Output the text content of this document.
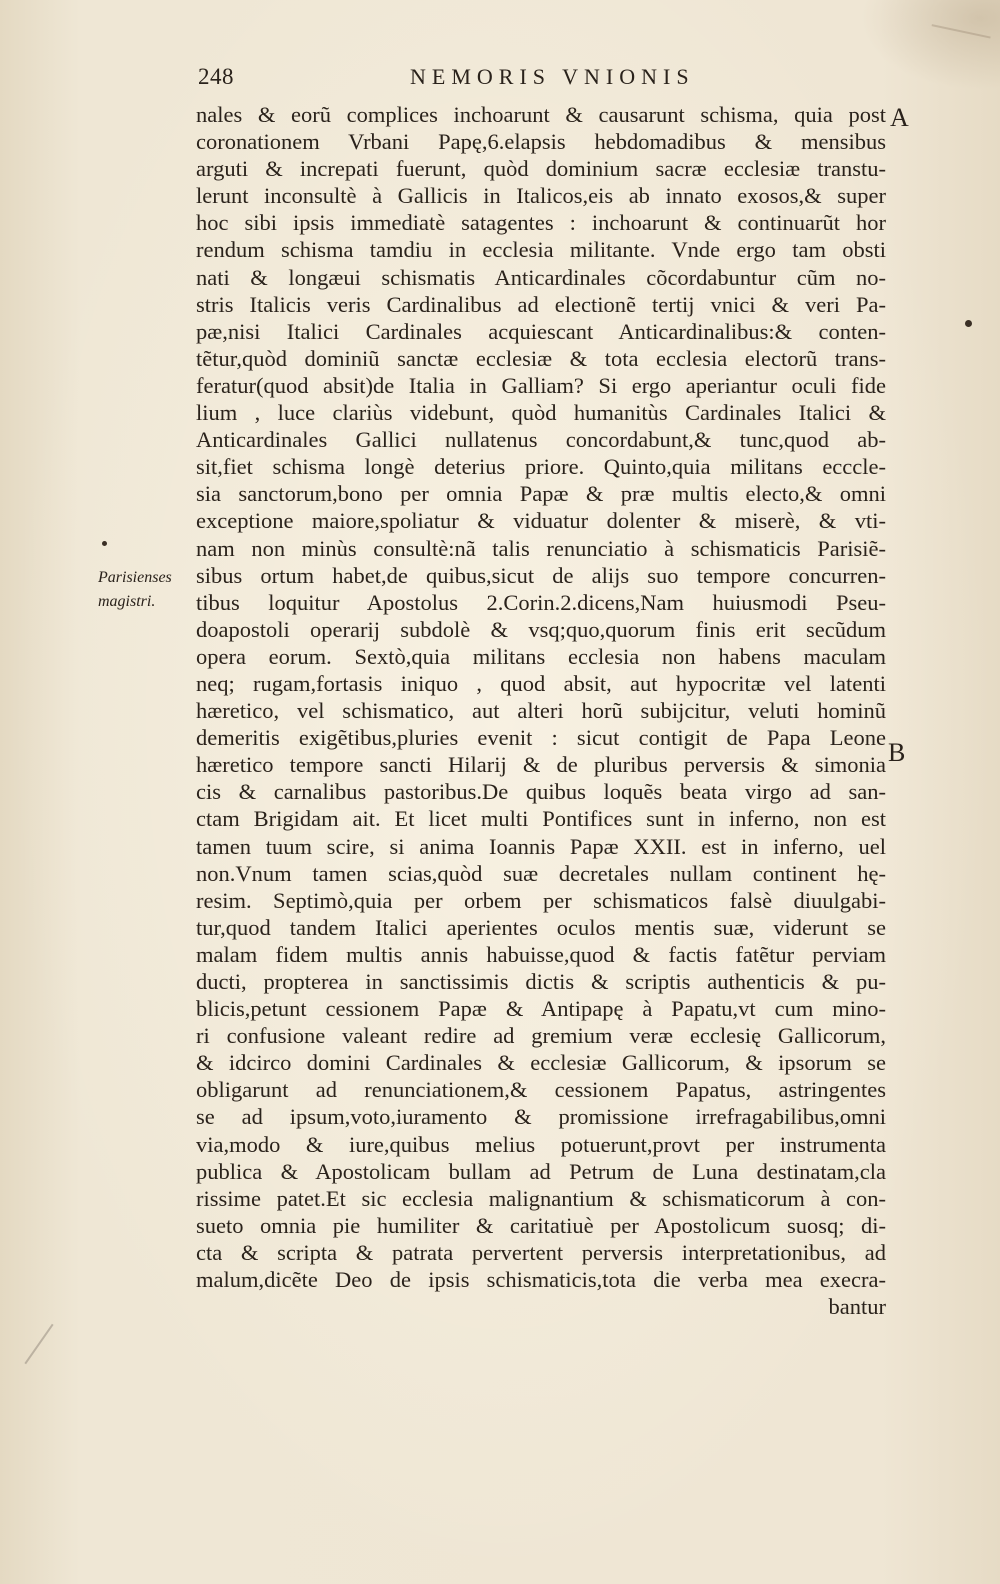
248	NEMORIS VNIONIS
A
B
Parisienses magistri.
nales & eorũ complices inchoarunt & causarunt schisma, quia post
coronationem Vrbani Papę,6.elapsis hebdomadibus & mensibus
arguti & increpati fuerunt, quòd dominium sacræ ecclesiæ transtu-
lerunt inconsultè à Gallicis in Italicos,eis ab innato exosos,& super
hoc sibi ipsis immediatè satagentes : inchoarunt & continuarũt hor
rendum schisma tamdiu in ecclesia militante. Vnde ergo tam obsti
nati & longæui schismatis Anticardinales cõcordabuntur cũm no-
stris Italicis veris Cardinalibus ad electionẽ tertij vnici & veri Pa-
pæ,nisi Italici Cardinales acquiescant Anticardinalibus:& conten-
tẽtur,quòd dominiũ sanctæ ecclesiæ & tota ecclesia electorũ trans-
feratur(quod absit)de Italia in Galliam? Si ergo aperiantur oculi fide
lium , luce clariùs videbunt, quòd humanitùs Cardinales Italici &
Anticardinales Gallici nullatenus concordabunt,& tunc,quod ab-
sit,fiet schisma longè deterius priore. Quinto,quia militans ecccle-
sia sanctorum,bono per omnia Papæ & præ multis electo,& omni
exceptione maiore,spoliatur & viduatur dolenter & miserè, & vti-
nam non minùs consultè:nã talis renunciatio à schismaticis Parisiẽ-
sibus ortum habet,de quibus,sicut de alijs suo tempore concurren-
tibus loquitur Apostolus 2.Corin.2.dicens,Nam huiusmodi Pseu-
doapostoli operarij subdolè & vsq;quo,quorum finis erit secũdum
opera eorum. Sextò,quia militans ecclesia non habens maculam
neq; rugam,fortasis iniquo , quod absit, aut hypocritæ vel latenti
hæretico, vel schismatico, aut alteri horũ subijcitur, veluti hominũ
demeritis exigẽtibus,pluries evenit : sicut contigit de Papa Leone
hæretico tempore sancti Hilarij & de pluribus perversis & simonia
cis & carnalibus pastoribus.De quibus loquẽs beata virgo ad san-
ctam Brigidam ait. Et licet multi Pontifices sunt in inferno, non est
tamen tuum scire, si anima Ioannis Papæ XXII. est in inferno, uel
non.Vnum tamen scias,quòd suæ decretales nullam continent hę-
resim. Septimò,quia per orbem per schismaticos falsè diuulgabi-
tur,quod tandem Italici aperientes oculos mentis suæ, viderunt se
malam fidem multis annis habuisse,quod & factis fatẽtur perviam
ducti, propterea in sanctissimis dictis & scriptis authenticis & pu-
blicis,petunt cessionem Papæ & Antipapę à Papatu,vt cum mino-
ri confusione valeant redire ad gremium veræ ecclesię Gallicorum,
& idcirco domini Cardinales & ecclesiæ Gallicorum, & ipsorum se
obligarunt ad renunciationem,& cessionem Papatus, astringentes
se ad ipsum,voto,iuramento & promissione irrefragabilibus,omni
via,modo & iure,quibus melius potuerunt,provt per instrumenta
publica & Apostolicam bullam ad Petrum de Luna destinatam,cla
rissime patet.Et sic ecclesia malignantium & schismaticorum à con-
sueto omnia pie humiliter & caritatiuè per Apostolicum suosq; di-
cta & scripta & patrata pervertent perversis interpretationibus, ad
malum,dicẽte Deo de ipsis schismaticis,tota die verba mea execra-
bantur
